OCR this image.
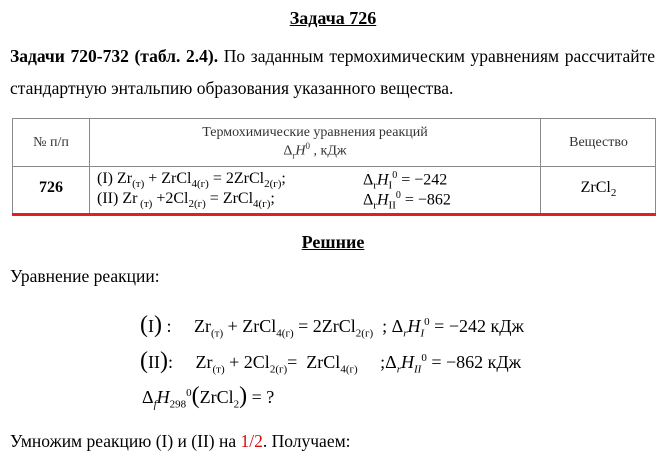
Задача 726
Задачи 720-732 (табл. 2.4). По заданным термохимическим уравнениям рассчитайте стандартную энтальпию образования указанного вещества.
№ п/п
Термохимические уравнения реакций
$\Delta_rH^0$ , кДж
Вещество
726
(I) $Zr_{(т)}$ + ZrCl$_{4(г)}$ = 2ZrCl$_{2(г)}$;	$\Delta_rH_I^0 = -242$
(II) Zr $_{(т)} +2Cl_{2(г)}$ = ZrCl$_{4(г)}$;	$\Delta_rH_{II}^0 = -862$
ZrCl$_2$
Решние
Уравнение реакции:
(I) :     $Zr_{(т)}$ + ZrCl$_{4(г)}$ = 2ZrCl$_{2(г)}$  ; $\Delta_rH_I^0 = -242$ кДж
(II):     $Zr_{(т)} + 2Cl_{2(г)}=$  ZrCl$_{4(г)}$     $;\Delta_rH_{II}^0 = -862$ кДж
$\Delta_fH_{298}^0(ZrCl_2)$ = ?
Умножим реакцию (I) и (II) на 1/2. Получаем:
